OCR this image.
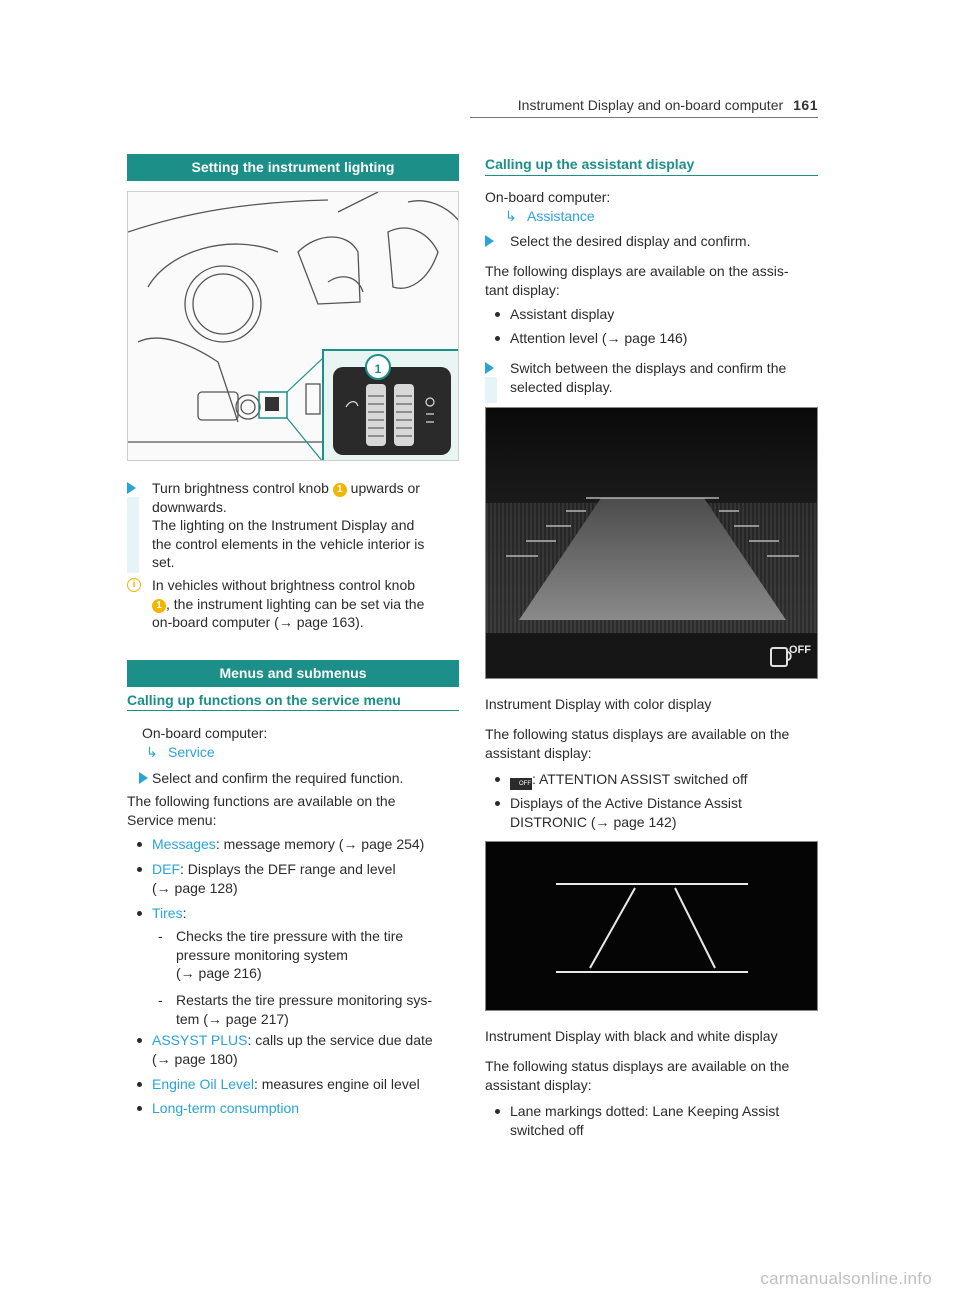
Instrument Display and on-board computer 161
Setting the instrument lighting
1
Turn brightness control knob 1 upwards or
downwards.
The lighting on the Instrument Display and
the control elements in the vehicle interior is
set.
i	In vehicles without brightness control knob
1 , the instrument lighting can be set via the
on-board computer (→ page 163).
Menus and submenus
Calling up functions on the service menu
On-board computer:
↳ Service
Select and confirm the required function.
The following functions are available on the
Service menu:
Messages: message memory (→ page 254)
DEF: Displays the DEF range and level
(→ page 128)
Tires:
- Checks the tire pressure with the tire
pressure monitoring system
(→ page 216)
- Restarts the tire pressure monitoring sys-
tem (→ page 217)
ASSYST PLUS: calls up the service due date
(→ page 180)
Engine Oil Level: measures engine oil level
Long-term consumption
Calling up the assistant display
On-board computer:
↳ Assistance
Select the desired display and confirm.
The following displays are available on the assis-
tant display:
Assistant display
Attention level (→ page 146)
Switch between the displays and confirm the
selected display.
OFF
Instrument Display with color display
The following status displays are available on the
assistant display:
OFF: ATTENTION ASSIST switched off
Displays of the Active Distance Assist
DISTRONIC (→ page 142)
Instrument Display with black and white display
The following status displays are available on the
assistant display:
Lane markings dotted: Lane Keeping Assist
switched off
carmanualsonline.info
